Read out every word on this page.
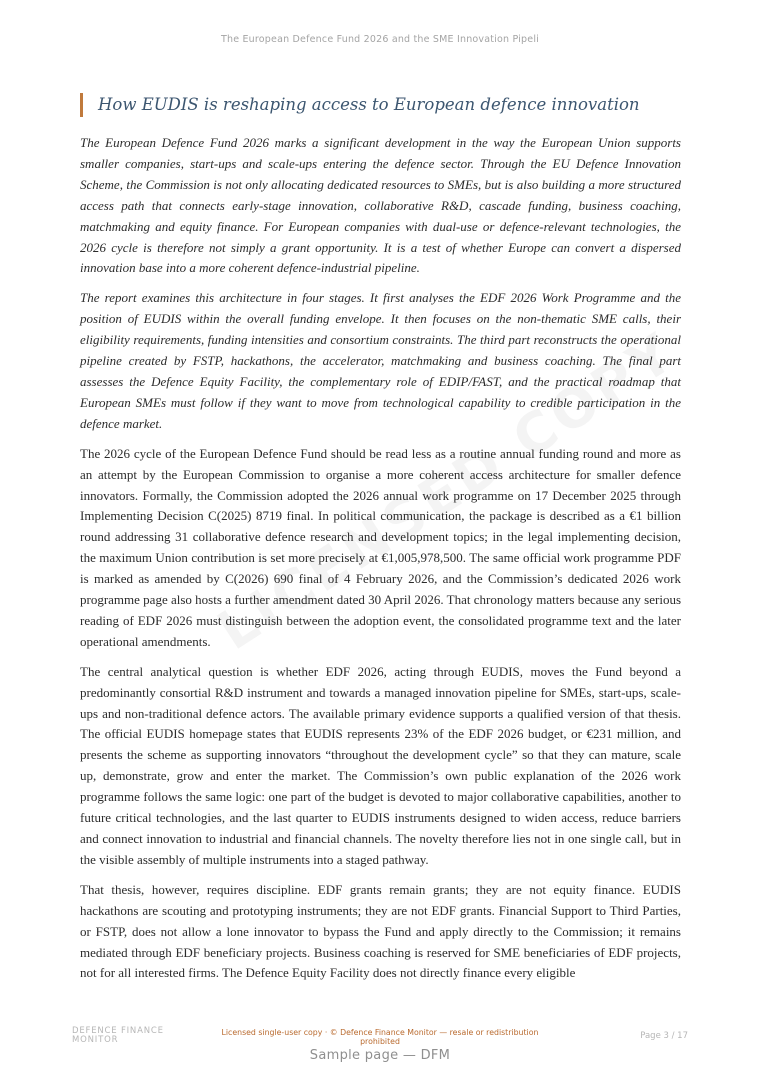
The European Defence Fund 2026 and the SME Innovation Pipeli
How EUDIS is reshaping access to European defence innovation

The European Defence Fund 2026 marks a significant development in the way the European Union supports smaller companies, start-ups and scale-ups entering the defence sector. Through the EU Defence Innovation Scheme, the Commission is not only allocating dedicated resources to SMEs, but is also building a more structured access path that connects early-stage innovation, collaborative R&D, cascade funding, business coaching, matchmaking and equity finance. For European companies with dual-use or defence-relevant technologies, the 2026 cycle is therefore not simply a grant opportunity. It is a test of whether Europe can convert a dispersed innovation base into a more coherent defence-industrial pipeline.

The report examines this architecture in four stages. It first analyses the EDF 2026 Work Programme and the position of EUDIS within the overall funding envelope. It then focuses on the non-thematic SME calls, their eligibility requirements, funding intensities and consortium constraints. The third part reconstructs the operational pipeline created by FSTP, hackathons, the accelerator, matchmaking and business coaching. The final part assesses the Defence Equity Facility, the complementary role of EDIP/FAST, and the practical roadmap that European SMEs must follow if they want to move from technological capability to credible participation in the defence market.

The 2026 cycle of the European Defence Fund should be read less as a routine annual funding round and more as an attempt by the European Commission to organise a more coherent access architecture for smaller defence innovators. Formally, the Commission adopted the 2026 annual work programme on 17 December 2025 through Implementing Decision C(2025) 8719 final. In political communication, the package is described as a €1 billion round addressing 31 collaborative defence research and development topics; in the legal implementing decision, the maximum Union contribution is set more precisely at €1,005,978,500. The same official work programme PDF is marked as amended by C(2026) 690 final of 4 February 2026, and the Commission’s dedicated 2026 work programme page also hosts a further amendment dated 30 April 2026. That chronology matters because any serious reading of EDF 2026 must distinguish between the adoption event, the consolidated programme text and the later operational amendments.

The central analytical question is whether EDF 2026, acting through EUDIS, moves the Fund beyond a predominantly consortial R&D instrument and towards a managed innovation pipeline for SMEs, start-ups, scale-ups and non-traditional defence actors. The available primary evidence supports a qualified version of that thesis. The official EUDIS homepage states that EUDIS represents 23% of the EDF 2026 budget, or €231 million, and presents the scheme as supporting innovators “throughout the development cycle” so that they can mature, scale up, demonstrate, grow and enter the market. The Commission’s own public explanation of the 2026 work programme follows the same logic: one part of the budget is devoted to major collaborative capabilities, another to future critical technologies, and the last quarter to EUDIS instruments designed to widen access, reduce barriers and connect innovation to industrial and financial channels. The novelty therefore lies not in one single call, but in the visible assembly of multiple instruments into a staged pathway.

That thesis, however, requires discipline. EDF grants remain grants; they are not equity finance. EUDIS hackathons are scouting and prototyping instruments; they are not EDF grants. Financial Support to Third Parties, or FSTP, does not allow a lone innovator to bypass the Fund and apply directly to the Commission; it remains mediated through EDF beneficiary projects. Business coaching is reserved for SME beneficiaries of EDF projects, not for all interested firms. The Defence Equity Facility does not directly finance every eligible

DEFENCE FINANCE
MONITOR
Licensed single-user copy · © Defence Finance Monitor — resale or redistribution
prohibited
Page 3 / 17
Sample page — DFM
